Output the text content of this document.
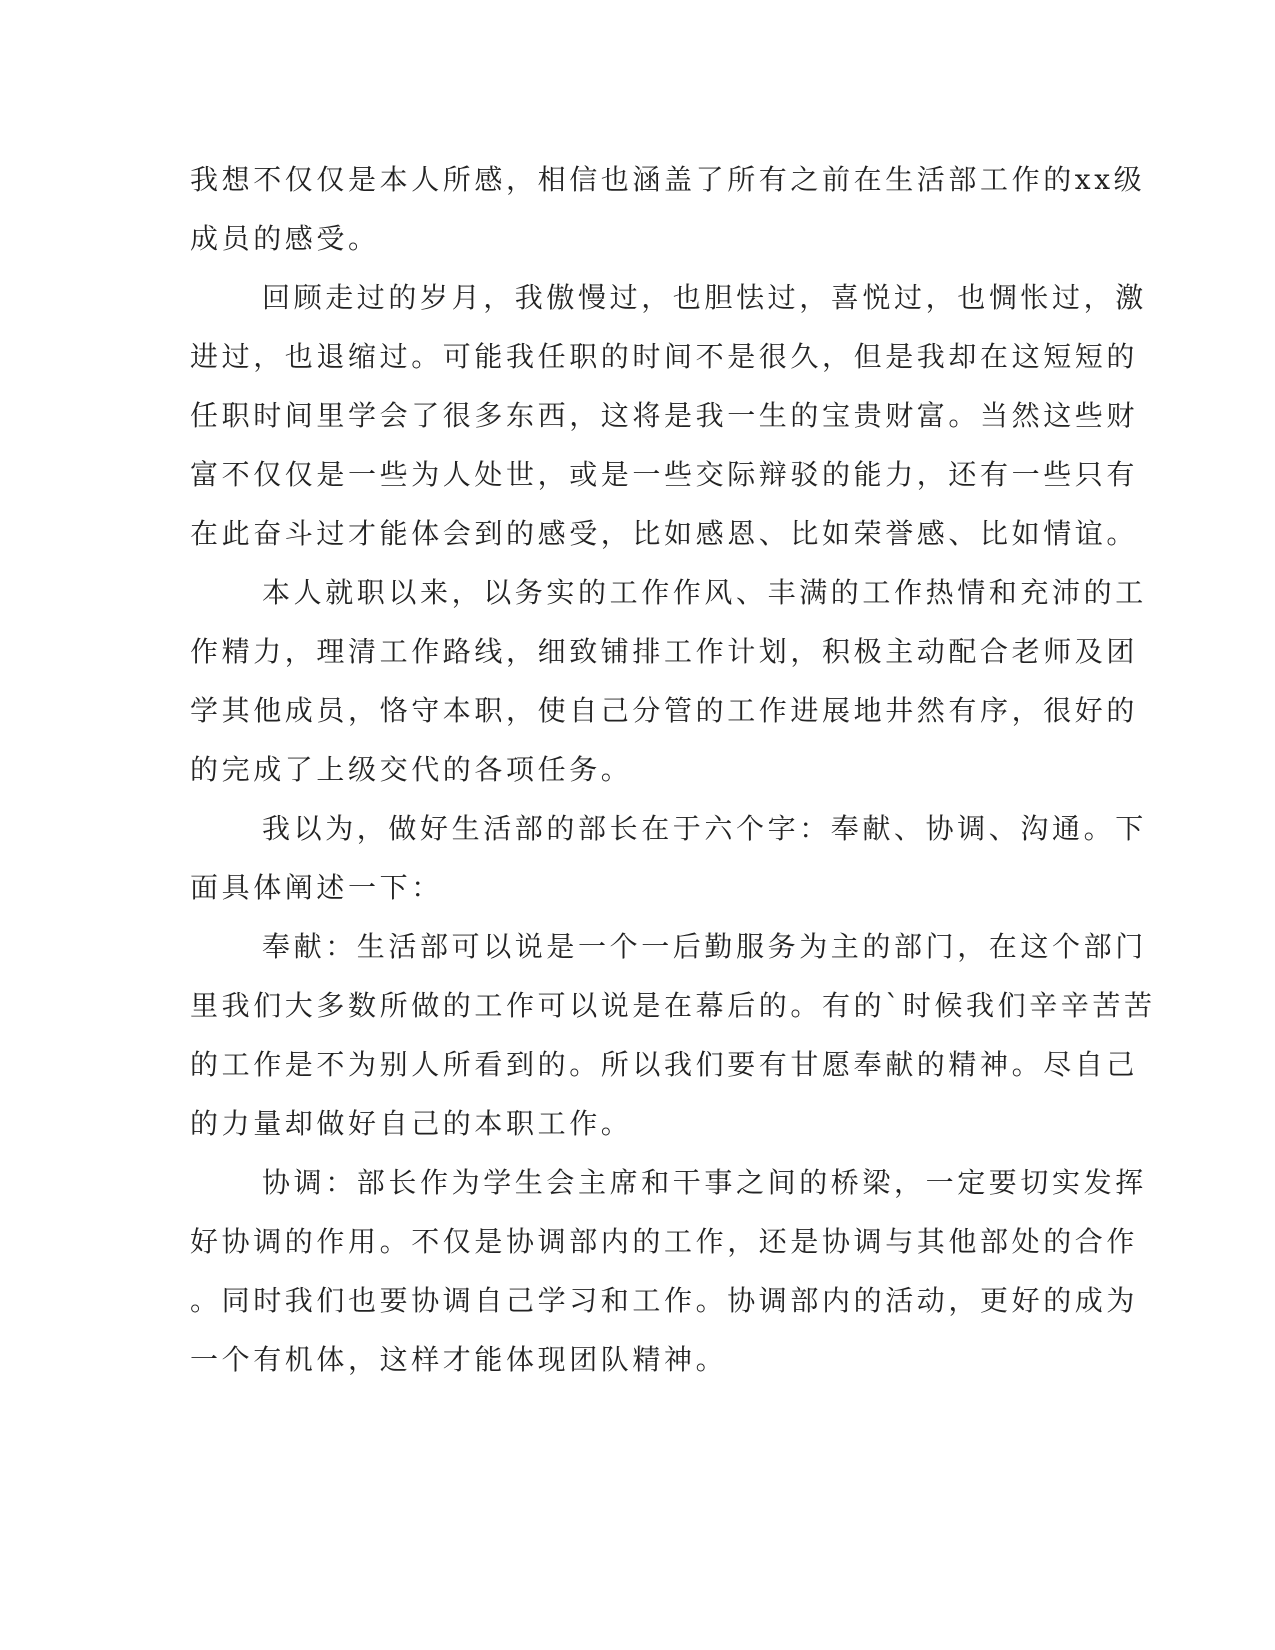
我想不仅仅是本人所感，相信也涵盖了所有之前在生活部工作的xx级
成员的感受。
回顾走过的岁月，我傲慢过，也胆怯过，喜悦过，也惆怅过，激
进过，也退缩过。可能我任职的时间不是很久，但是我却在这短短的
任职时间里学会了很多东西，这将是我一生的宝贵财富。当然这些财
富不仅仅是一些为人处世，或是一些交际辩驳的能力，还有一些只有
在此奋斗过才能体会到的感受，比如感恩、比如荣誉感、比如情谊。
本人就职以来，以务实的工作作风、丰满的工作热情和充沛的工
作精力，理清工作路线，细致铺排工作计划，积极主动配合老师及团
学其他成员，恪守本职，使自己分管的工作进展地井然有序，很好的
的完成了上级交代的各项任务。
我以为，做好生活部的部长在于六个字：奉献、协调、沟通。下
面具体阐述一下：
奉献：生活部可以说是一个一后勤服务为主的部门，在这个部门
里我们大多数所做的工作可以说是在幕后的。有的`时候我们辛辛苦苦
的工作是不为别人所看到的。所以我们要有甘愿奉献的精神。尽自己
的力量却做好自己的本职工作。
协调：部长作为学生会主席和干事之间的桥梁，一定要切实发挥
好协调的作用。不仅是协调部内的工作，还是协调与其他部处的合作
。同时我们也要协调自己学习和工作。协调部内的活动，更好的成为
一个有机体，这样才能体现团队精神。
